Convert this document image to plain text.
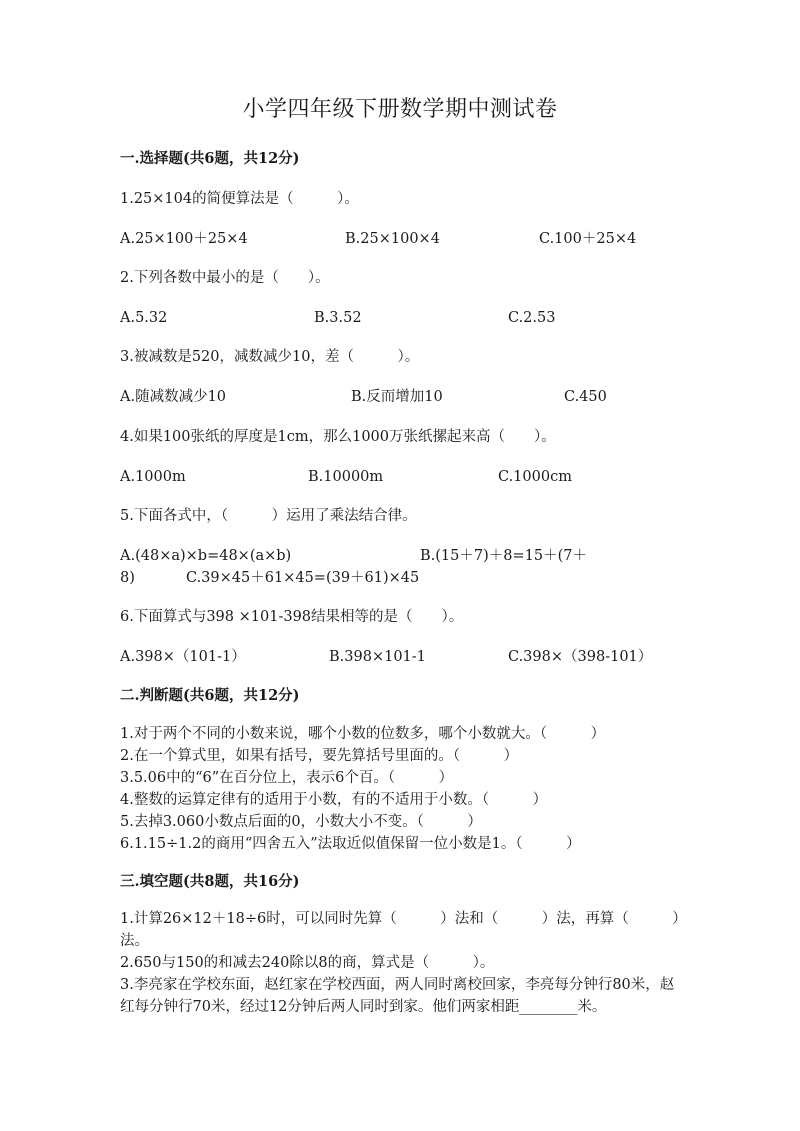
小学四年级下册数学期中测试卷
一.选择题(共6题，共12分)
1.25×104的简便算法是（　　　）。
A.25×100＋25×4	B.25×100×4	C.100＋25×4
2.下列各数中最小的是（　　）。
A.5.32	B.3.52	C.2.53
3.被减数是520，减数减少10，差（　　　）。
A.随减数减少10	B.反而增加10	C.450
4.如果100张纸的厚度是1cm，那么1000万张纸摞起来高（　　）。
A.1000m	B.10000m	C.1000cm
5.下面各式中，（　　　）运用了乘法结合律。
A.(48×a)×b=48×(a×b)	B.(15＋7)＋8=15＋(7＋
8)	C.39×45＋61×45=(39＋61)×45
6.下面算式与398 ×101-398结果相等的是（　　）。
A.398×（101-1）	B.398×101-1	C.398×（398-101）
二.判断题(共6题，共12分)
1.对于两个不同的小数来说，哪个小数的位数多，哪个小数就大。（　　　）
2.在一个算式里，如果有括号，要先算括号里面的。（　　　）
3.5.06中的“6”在百分位上，表示6个百。（　　　）
4.整数的运算定律有的适用于小数，有的不适用于小数。（　　　）
5.去掉3.060小数点后面的0，小数大小不变。（　　　）
6.1.15÷1.2的商用“四舍五入”法取近似值保留一位小数是1。（　　　）
三.填空题(共8题，共16分)
1.计算26×12＋18÷6时，可以同时先算（　　　）法和（　　　）法，再算（　　　）法。
2.650与150的和减去240除以8的商，算式是（　　　）。
3.李亮家在学校东面，赵红家在学校西面，两人同时离校回家，李亮每分钟行80米，赵红每分钟行70米，经过12分钟后两人同时到家。他们两家相距________米。
